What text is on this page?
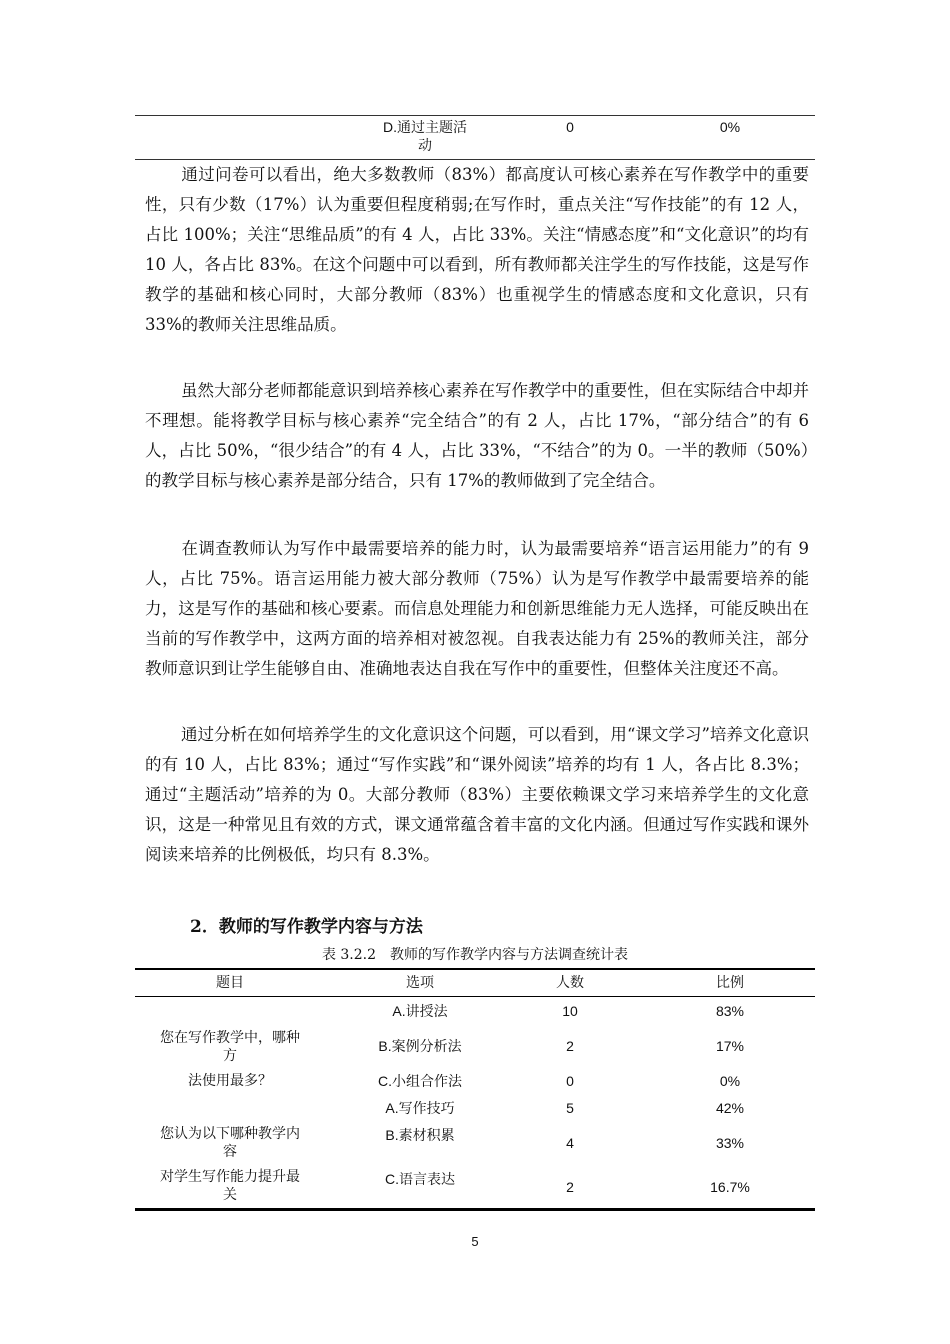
D.通过主题活
动
0	0%

通过问卷可以看出，绝大多数教师（83%）都高度认可核心素养在写作教学中的重要性，只有少数（17%）认为重要但程度稍弱;在写作时，重点关注“写作技能”的有 12 人，占比 100%；关注“思维品质”的有 4 人，占比 33%。关注“情感态度”和“文化意识”的均有 10 人，各占比 83%。在这个问题中可以看到，所有教师都关注学生的写作技能，这是写作教学的基础和核心同时，大部分教师（83%）也重视学生的情感态度和文化意识，只有 33%的教师关注思维品质。

虽然大部分老师都能意识到培养核心素养在写作教学中的重要性，但在实际结合中却并不理想。能将教学目标与核心素养“完全结合”的有 2 人，占比 17%，“部分结合”的有 6 人，占比 50%，“很少结合”的有 4 人，占比 33%，“不结合”的为 0。一半的教师（50%）的教学目标与核心素养是部分结合，只有 17%的教师做到了完全结合。

在调查教师认为写作中最需要培养的能力时，认为最需要培养“语言运用能力”的有 9 人，占比 75%。语言运用能力被大部分教师（75%）认为是写作教学中最需要培养的能力，这是写作的基础和核心要素。而信息处理能力和创新思维能力无人选择，可能反映出在当前的写作教学中，这两方面的培养相对被忽视。自我表达能力有 25%的教师关注，部分教师意识到让学生能够自由、准确地表达自我在写作中的重要性，但整体关注度还不高。

通过分析在如何培养学生的文化意识这个问题，可以看到，用“课文学习”培养文化意识的有 10 人，占比 83%；通过“写作实践”和“课外阅读”培养的均有 1 人，各占比 8.3%；通过“主题活动”培养的为 0。大部分教师（83%）主要依赖课文学习来培养学生的文化意识，这是一种常见且有效的方式，课文通常蕴含着丰富的文化内涵。但通过写作实践和课外阅读来培养的比例极低，均只有 8.3%。

2．教师的写作教学内容与方法
表 3.2.2　教师的写作教学内容与方法调查统计表
题目	选项	人数	比例
您在写作教学中，哪种
方
法使用最多？
A.讲授法	10	83%
B.案例分析法	2	17%
C.小组合作法	0	0%
您认为以下哪种教学内
容
对学生写作能力提升最
关
A.写作技巧	5	42%
B.素材积累	4	33%
C.语言表达	2	16.7%
5
